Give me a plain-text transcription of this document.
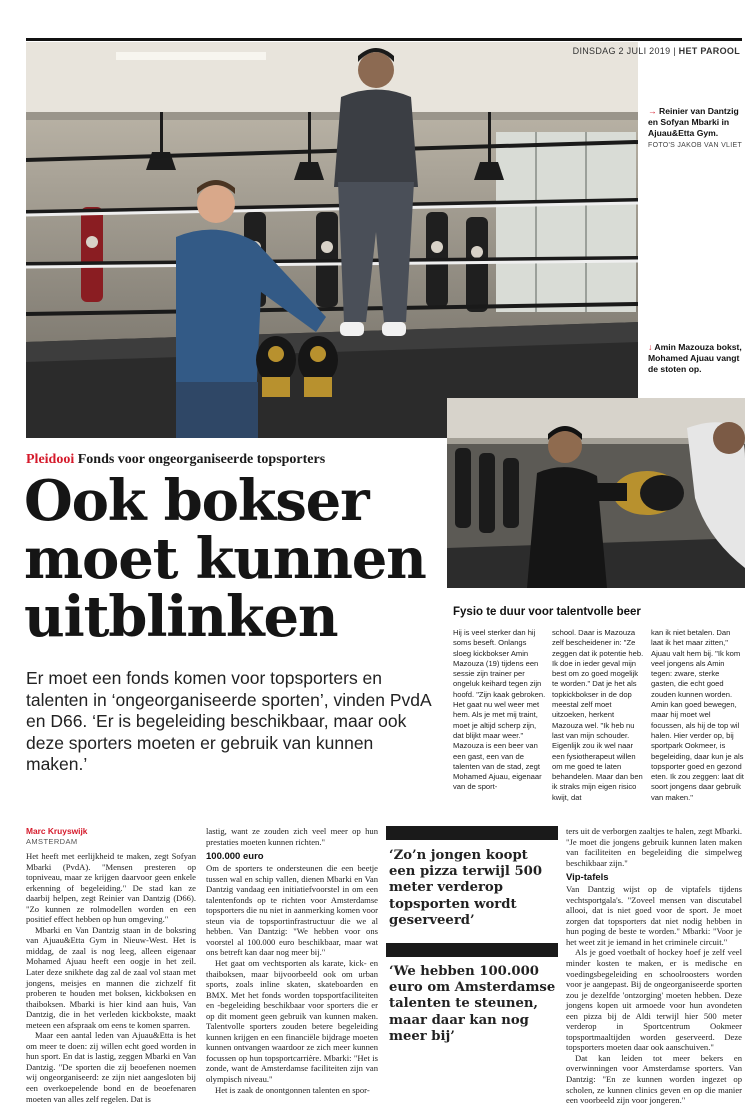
DINSDAG 2 JULI 2019 | HET PAROOL
→ Reinier van Dantzig en Sofyan Mbarki in Ajuau&Etta Gym. FOTO'S JAKOB VAN VLIET
↓ Amin Mazouza bokst, Mohamed Ajuau vangt de stoten op.
Pleidooi Fonds voor ongeorganiseerde topsporters
Ook bokser moet kunnen uitblinken
Er moet een fonds komen voor topsporters en talenten in ‘ongeorganiseerde sporten’, vinden PvdA en D66. ‘Er is begeleiding beschikbaar, maar ook deze sporters moeten er gebruik van kunnen maken.’
Fysio te duur voor talentvolle beer

Hij is veel sterker dan hij soms beseft. Onlangs sloeg kickbokser Amin Mazouza (19) tijdens een sessie zijn trainer per ongeluk keihard tegen zijn hoofd. "Zijn kaak gebroken. Het gaat nu wel weer met hem. Als je met mij traint, moet je altijd scherp zijn, dat blijkt maar weer."

Mazouza is een beer van een gast, een van de talenten van de stad, zegt Mohamed Ajuau, eigenaar van de sport-

school. Daar is Mazouza zelf bescheidener in: "Ze zeggen dat ik potentie heb. Ik doe in ieder geval mijn best om zo goed mogelijk te worden." Dat je het als topkickbokser in de dop meestal zelf moet uitzoeken, herkent Mazouza wel. "Ik heb nu last van mijn schouder. Eigenlijk zou ik wel naar een fysiotherapeut willen om me goed te laten behandelen. Maar dan ben ik straks mijn eigen risico kwijt, dat

kan ik niet betalen. Dan laat ik het maar zitten," Ajuau valt hem bij. "Ik kom veel jongens als Amin tegen: zware, sterke gasten, die echt goed zouden kunnen worden. Amin kan goed bewegen, maar hij moet wel focussen, als hij de top wil halen. Hier verder op, bij sportpark Ookmeer, is begeleiding, daar kun je als topsporter goed en gezond eten. Ik zou zeggen: laat dit soort jongens daar gebruik van maken."

Marc Kruyswijk
AMSTERDAM

Het heeft met eerlijkheid te maken, zegt Sofyan Mbarki (PvdA). "Mensen presteren op topniveau, maar ze krijgen daarvoor geen enkele erkenning of begeleiding." De stad kan ze daarbij helpen, zegt Reinier van Dantzig (D66). "Zo kunnen ze rolmodellen worden en een positief effect hebben op hun omgeving."

Mbarki en Van Dantzig staan in de boksring van Ajuau&Etta Gym in Nieuw-West. Het is middag, de zaal is nog leeg, alleen eigenaar Mohamed Ajuau heeft een oogje in het zeil. Later deze snikhete dag zal de zaal vol staan met jongens, meisjes en mannen die zichzelf fit proberen te houden met boksen, kickboksen en thaiboksen. Mbarki is hier kind aan huis, Van Dantzig, die in het verleden kickbokste, maakt meteen een afspraak om eens te komen sparren.

Maar een aantal leden van Ajuau&Etta is het om meer te doen: zij willen echt goed worden in hun sport. En dat is lastig, zeggen Mbarki en Van Dantzig. "De sporten die zij beoefenen noemen wij ongeorganiseerd: ze zijn niet aangesloten bij een overkoepelende bond en de beoefenaren moeten van alles zelf regelen. Dat is

lastig, want ze zouden zich veel meer op hun prestaties moeten kunnen richten."

100.000 euro

Om de sporters te ondersteunen die een beetje tussen wal en schip vallen, dienen Mbarki en Van Dantzig vandaag een initiatiefvoorstel in om een talentenfonds op te richten voor Amsterdamse topsporters die nu niet in aanmerking komen voor steun via de topsportinfrastructuur die we al hebben. Van Dantzig: "We hebben voor ons voorstel al 100.000 euro beschikbaar, maar wat ons betreft kan daar nog meer bij."

Het gaat om vechtsporten als karate, kick- en thaiboksen, maar bijvoorbeeld ook om urban sports, zoals inline skaten, skateboarden en BMX. Met het fonds worden topsportfaciliteiten en -begeleiding beschikbaar voor sporters die er op dit moment geen gebruik van kunnen maken. Talentvolle sporters zouden betere begeleiding kunnen krijgen en een financiële bijdrage moeten kunnen ontvangen waardoor ze zich meer kunnen focussen op hun topsportcarrière. Mbarki: "Het is zonde, want de Amsterdamse faciliteiten zijn van olympisch niveau."

Het is zaak de onontgonnen talenten en spor-

‘Zo’n jongen koopt een pizza terwijl 500 meter verderop topsporten wordt geserveerd’
‘We hebben 100.000 euro om Amsterdamse talenten te steunen, maar daar kan nog meer bij’

ters uit de verborgen zaaltjes te halen, zegt Mbarki. "Je moet die jongens gebruik kunnen laten maken van faciliteiten en begeleiding die simpelweg beschikbaar zijn."

Vip-tafels

Van Dantzig wijst op de viptafels tijdens vechtsportgala's. "Zoveel mensen van discutabel allooi, dat is niet goed voor de sport. Je moet zorgen dat topsporters dat niet nodig hebben in hun poging de beste te worden." Mbarki: "Voor je het weet zit je iemand in het criminele circuit."

Als je goed voetbalt of hockey hoef je zelf veel minder kosten te maken, er is medische en voedingsbegeleiding en schoolroosters worden voor je aangepast. Bij de ongeorganiseerde sporten zou je dezelfde 'ontzorging' moeten hebben. Deze jongens kopen uit armoede voor hun avondeten een pizza bij de Aldi terwijl hier 500 meter verderop in Sportcentrum Ookmeer topsportmaaltijden worden geserveerd. Deze topsporters moeten daar ook aanschuiven."

Dat kan leiden tot meer bekers en overwinningen voor Amsterdamse sporters. Van Dantzig: "En ze kunnen worden ingezet op scholen, ze kunnen clinics geven en op die manier een voorbeeld zijn voor jongeren."
